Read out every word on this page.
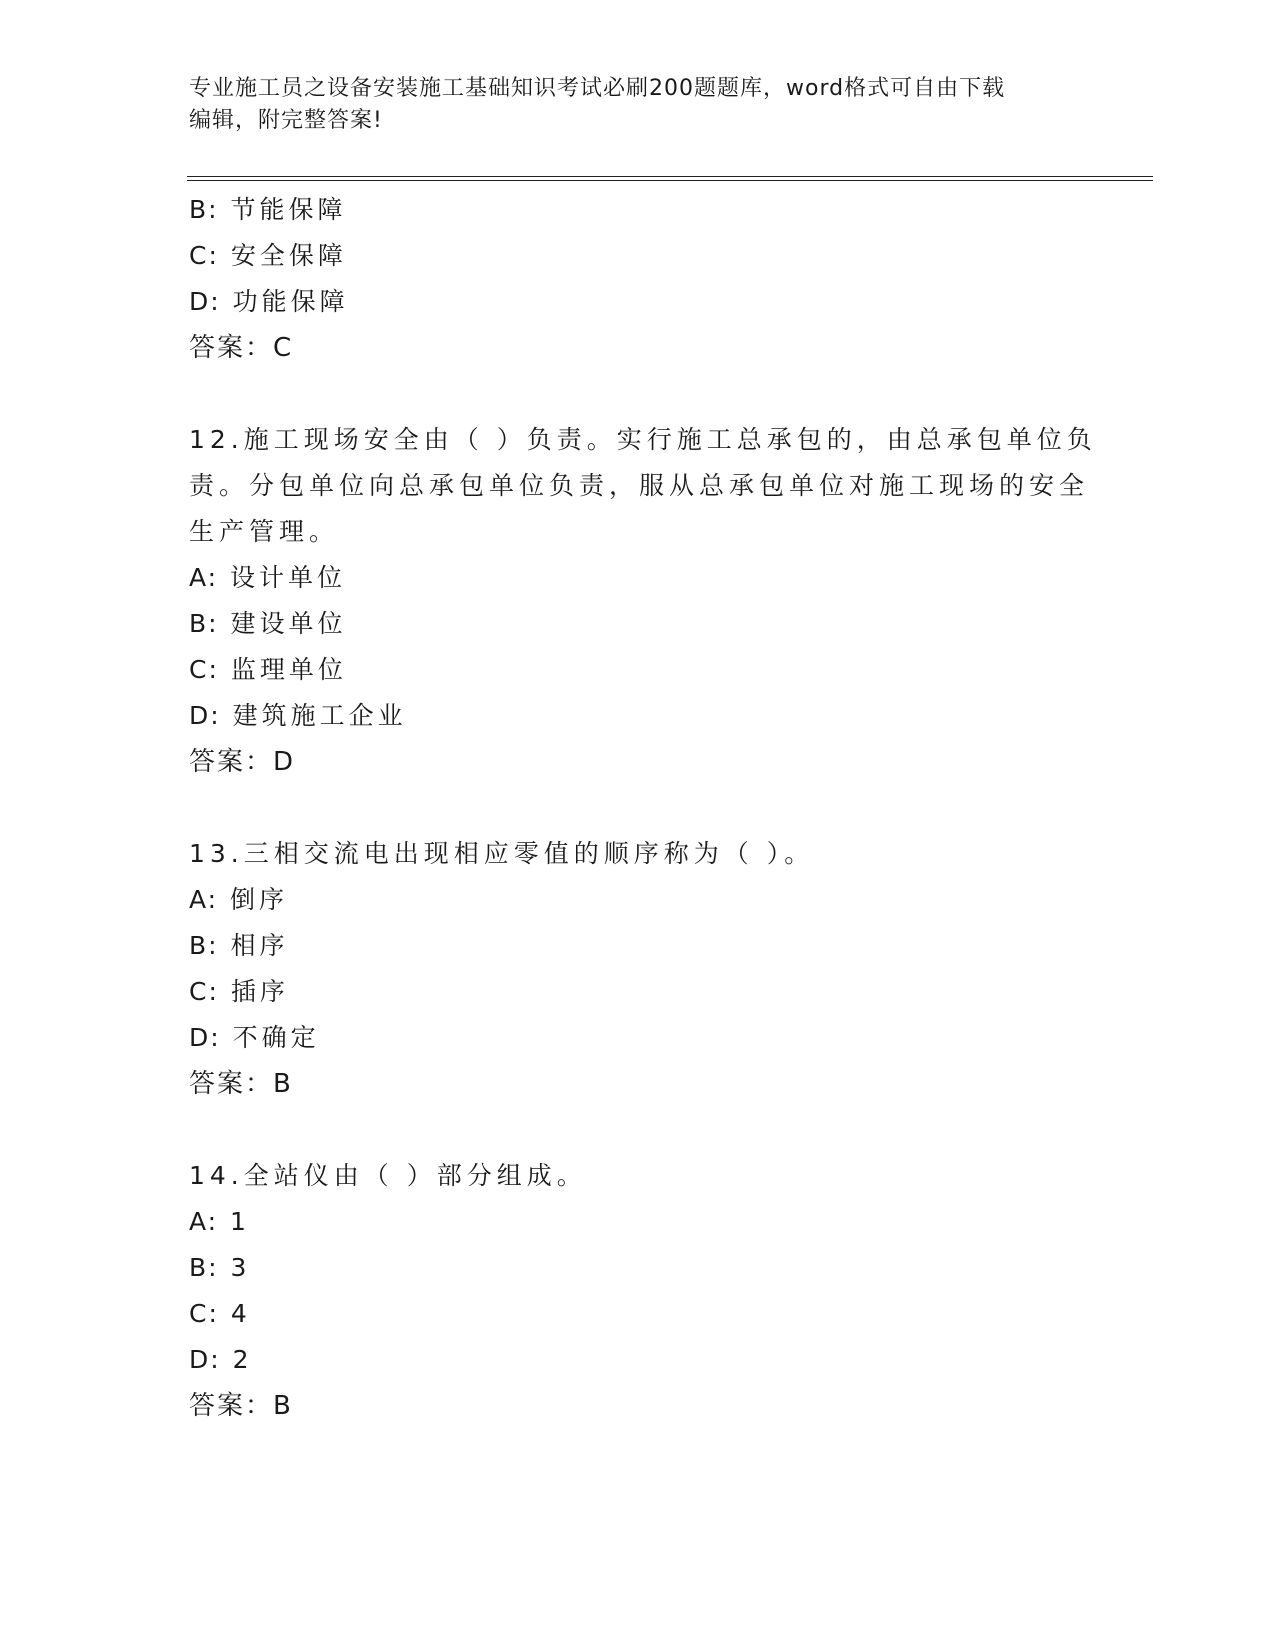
专业施工员之设备安装施工基础知识考试必刷200题题库，word格式可自由下载
编辑，附完整答案!
B: 节能保障
C: 安全保障
D: 功能保障
答案：C
12.施工现场安全由（ ）负责。实行施工总承包的，由总承包单位负
责。分包单位向总承包单位负责，服从总承包单位对施工现场的安全
生产管理。
A: 设计单位
B: 建设单位
C: 监理单位
D: 建筑施工企业
答案：D
13.三相交流电出现相应零值的顺序称为（ ）。
A: 倒序
B: 相序
C: 插序
D: 不确定
答案：B
14.全站仪由（ ）部分组成。
A: 1
B: 3
C: 4
D: 2
答案：B
